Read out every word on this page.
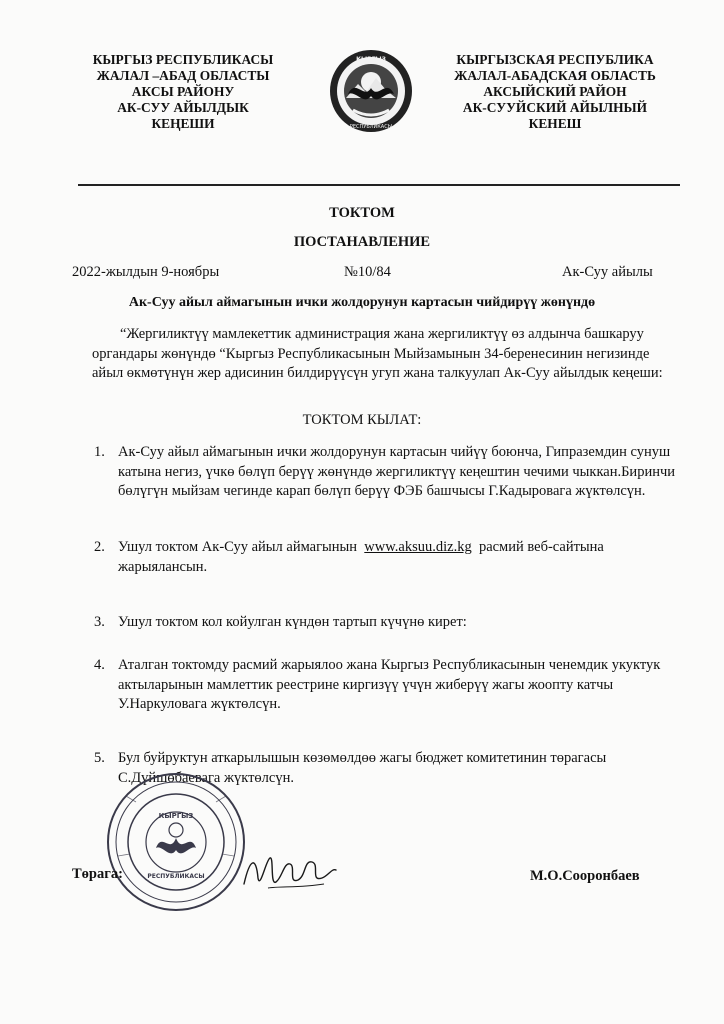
КЫРГЫЗ РЕСПУБЛИКАСЫ
ЖАЛАЛ –АБАД ОБЛАСТЫ
АКСЫ РАЙОНУ
АК-СУУ АЙЫЛДЫК
КЕҢЕШИ
КЫРГЫЗ
РЕСПУБЛИКАСЫ
КЫРГЫЗСКАЯ РЕСПУБЛИКА
ЖАЛАЛ-АБАДСКАЯ ОБЛАСТЬ
АКСЫЙСКИЙ РАЙОН
АК-СУУЙСКИЙ АЙЫЛНЫЙ
КЕНЕШ
ТОКТОМ
ПОСТАНАВЛЕНИЕ
2022-жылдын 9-ноябры	№10/84	Ак-Суу айылы
Ак-Суу айыл аймагынын ички жолдорунун картасын чийдирүү жөнүндө
“Жергиликтүү мамлекеттик администрация жана жергиликтүү өз алдынча башкаруу органдары жөнүндө “Кыргыз Республикасынын Мыйзамынын 34-беренесинин негизинде айыл өкмөтүнүн жер адисинин билдирүүсүн угуп жана талкуулап Ак-Суу айылдык кеңеши:
ТОКТОМ КЫЛАТ:
1. Ак-Суу айыл аймагынын ички жолдорунун картасын чийүү боюнча, Гипраземдин сунуш катына негиз, үчкө бөлүп берүү жөнүндө жергиликтүү кеңештин чечими чыккан.Биринчи бөлүгүн мыйзам чегинде карап бөлүп берүү ФЭБ башчысы Г.Кадыровага жүктөлсүн.
2. Ушул токтом Ак-Суу айыл аймагынын  www.aksuu.diz.kg  расмий веб-сайтына жарыялансын.
3. Ушул токтом кол койулган күндөн тартып күчүнө кирет:
4. Аталган токтомду расмий жарыялоо жана Кыргыз Республикасынын ченемдик укуктук актыларынын мамлеттик реестрине киргизүү үчүн жиберүү жагы жоопту катчы У.Наркуловага жүктөлсүн.
5. Бул буйруктун аткарылышын көзөмөлдөө жагы бюджет комитетинин төрагасы С.Дүйшөбаевага жүктөлсүн.
КЫРГЫЗ
РЕСПУБЛИКАСЫ
Төрага:	М.О.Сооронбаев
